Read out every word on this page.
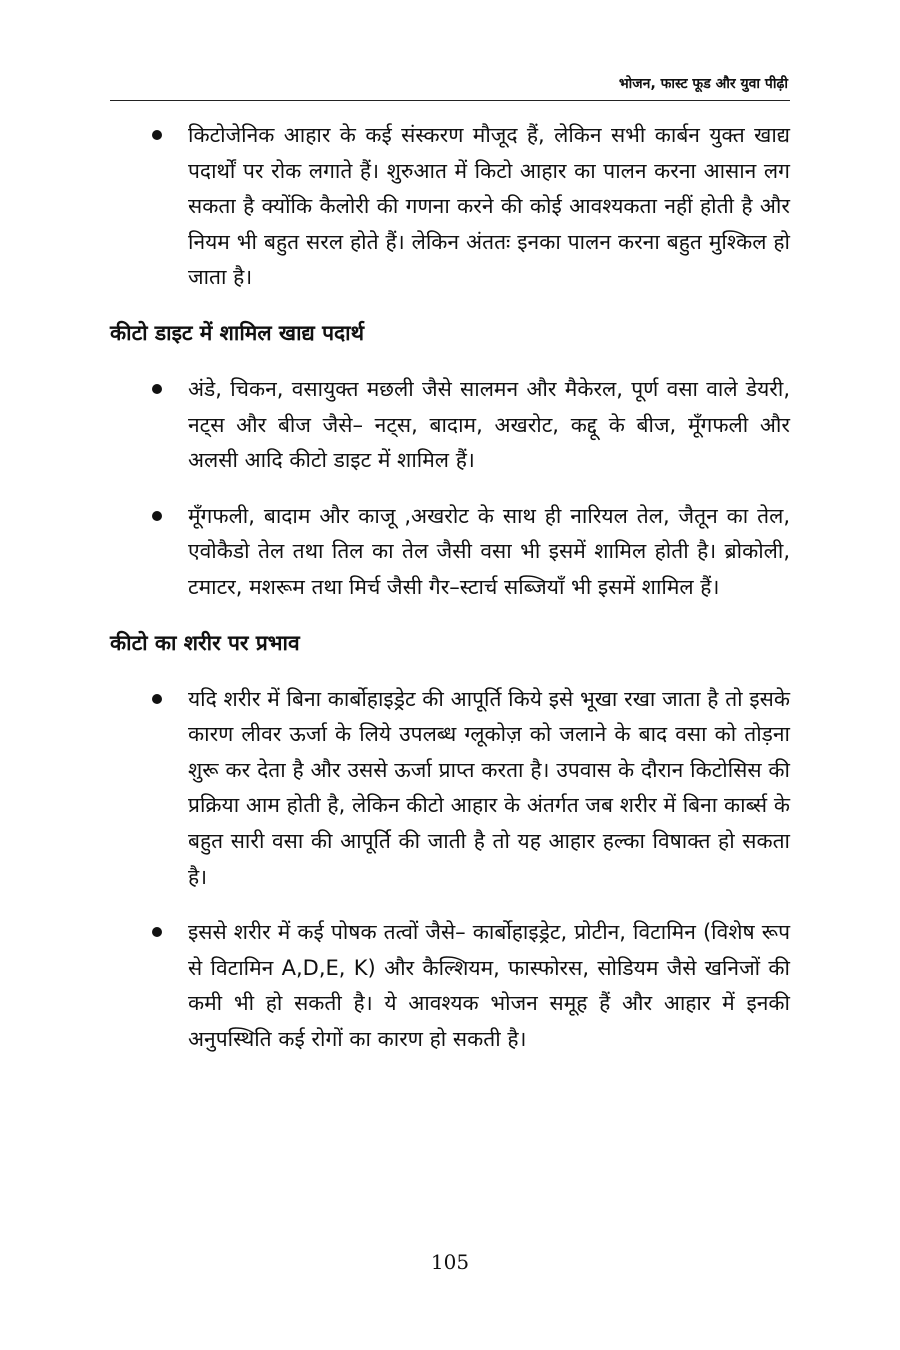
भोजन, फास्ट फूड और युवा पीढ़ी
किटोजेनिक आहार के कई संस्करण मौजूद हैं, लेकिन सभी कार्बन युक्त खाद्य पदार्थों पर रोक लगाते हैं। शुरुआत में किटो आहार का पालन करना आसान लग सकता है क्योंकि कैलोरी की गणना करने की कोई आवश्यकता नहीं होती है और नियम भी बहुत सरल होते हैं। लेकिन अंततः इनका पालन करना बहुत मुश्किल हो जाता है।
कीटो डाइट में शामिल खाद्य पदार्थ
अंडे, चिकन, वसायुक्त मछली जैसे सालमन और मैकेरल, पूर्ण वसा वाले डेयरी, नट्स और बीज जैसे– नट्स, बादाम, अखरोट, कद्दू के बीज, मूँगफली और अलसी आदि कीटो डाइट में शामिल हैं।
मूँगफली, बादाम और काजू ,अखरोट के साथ ही नारियल तेल, जैतून का तेल, एवोकैडो तेल तथा तिल का तेल जैसी वसा भी इसमें शामिल होती है। ब्रोकोली, टमाटर, मशरूम तथा मिर्च जैसी गैर–स्टार्च सब्जियाँ भी इसमें शामिल हैं।
कीटो का शरीर पर प्रभाव
यदि शरीर में बिना कार्बोहाइड्रेट की आपूर्ति किये इसे भूखा रखा जाता है तो इसके कारण लीवर ऊर्जा के लिये उपलब्ध ग्लूकोज़ को जलाने के बाद वसा को तोड़ना शुरू कर देता है और उससे ऊर्जा प्राप्त करता है। उपवास के दौरान किटोसिस की प्रक्रिया आम होती है, लेकिन कीटो आहार के अंतर्गत जब शरीर में बिना कार्ब्स के बहुत सारी वसा की आपूर्ति की जाती है तो यह आहार हल्का विषाक्त हो सकता है।
इससे शरीर में कई पोषक तत्वों जैसे– कार्बोहाइड्रेट, प्रोटीन, विटामिन (विशेष रूप से विटामिन A,D,E, K) और कैल्शियम, फास्फोरस, सोडियम जैसे खनिजों की कमी भी हो सकती है। ये आवश्यक भोजन समूह हैं और आहार में इनकी अनुपस्थिति कई रोगों का कारण हो सकती है।
105
